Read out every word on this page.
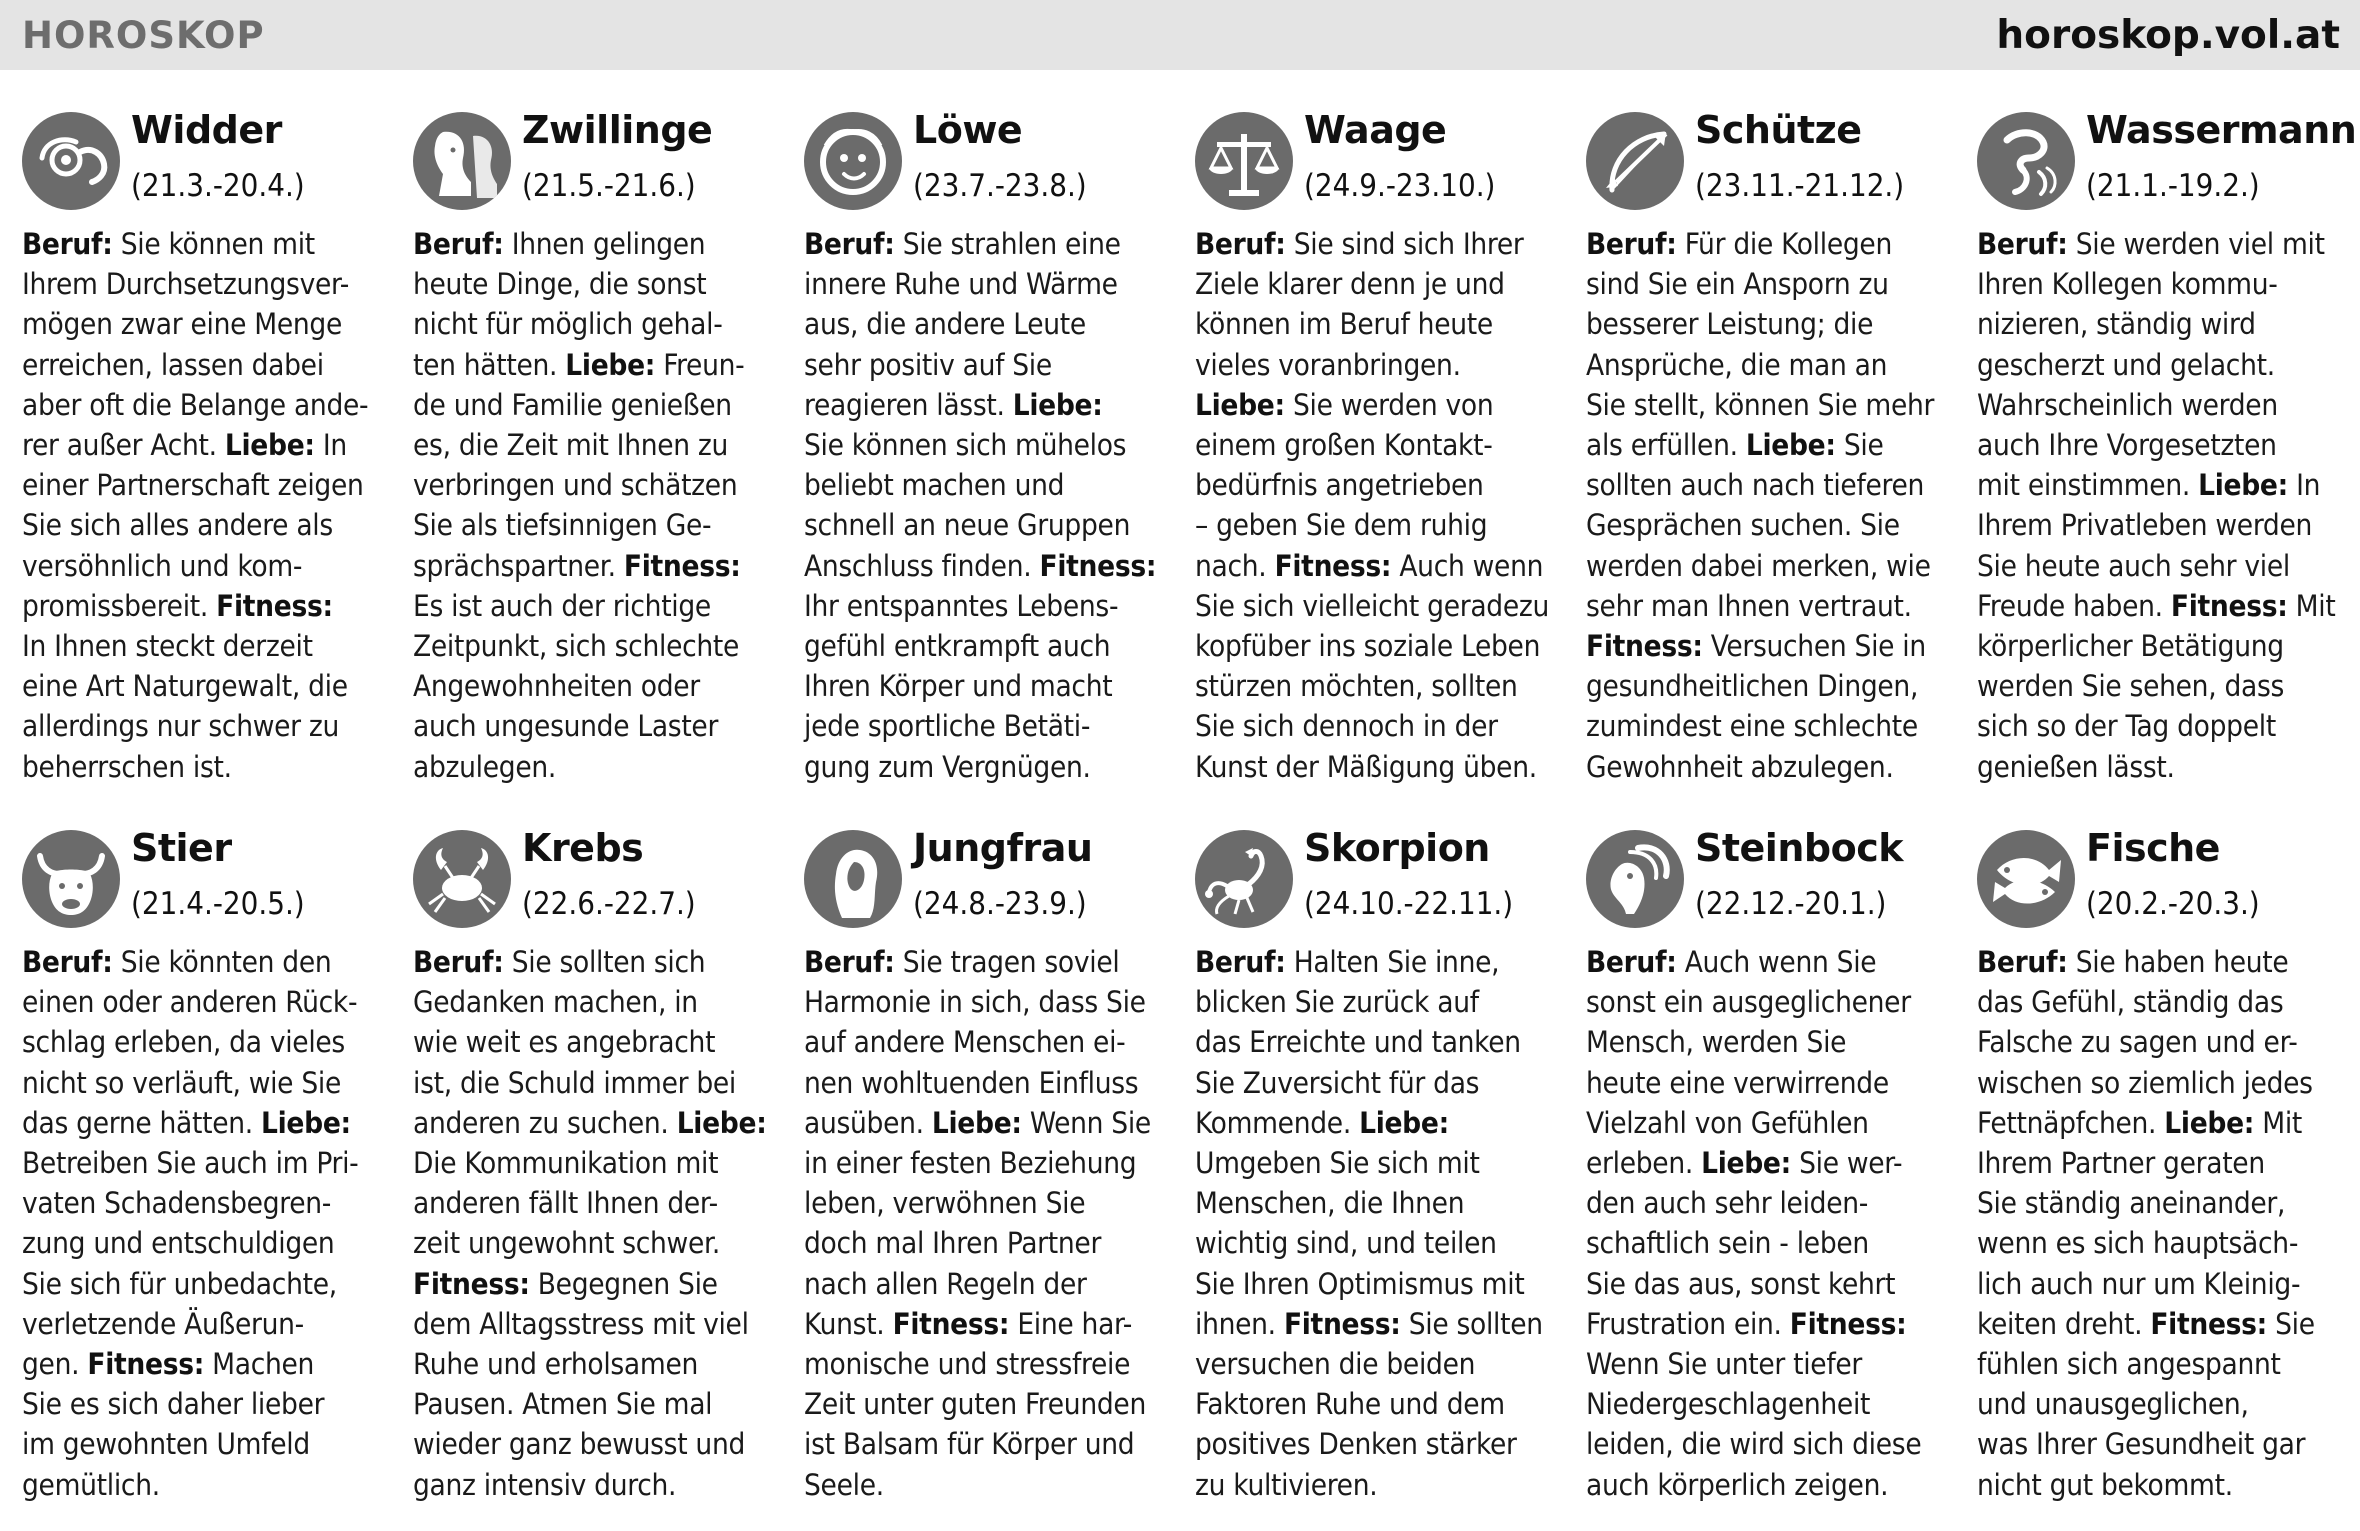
HOROSKOP	horoskop.vol.at
Widder
(21.3.-20.4.)
Beruf: Sie können mit
Ihrem Durchsetzungsver-
mögen zwar eine Menge
erreichen, lassen dabei
aber oft die Belange ande-
rer außer Acht. Liebe: In
einer Partnerschaft zeigen
Sie sich alles andere als
versöhnlich und kom-
promissbereit. Fitness:
In Ihnen steckt derzeit
eine Art Naturgewalt, die
allerdings nur schwer zu
beherrschen ist.
Zwillinge
(21.5.-21.6.)
Beruf: Ihnen gelingen
heute Dinge, die sonst
nicht für möglich gehal-
ten hätten. Liebe: Freun-
de und Familie genießen
es, die Zeit mit Ihnen zu
verbringen und schätzen
Sie als tiefsinnigen Ge-
sprächspartner. Fitness:
Es ist auch der richtige
Zeitpunkt, sich schlechte
Angewohnheiten oder
auch ungesunde Laster
abzulegen.
Löwe
(23.7.-23.8.)
Beruf: Sie strahlen eine
innere Ruhe und Wärme
aus, die andere Leute
sehr positiv auf Sie
reagieren lässt. Liebe:
Sie können sich mühelos
beliebt machen und
schnell an neue Gruppen
Anschluss finden. Fitness:
Ihr entspanntes Lebens-
gefühl entkrampft auch
Ihren Körper und macht
jede sportliche Betäti-
gung zum Vergnügen.
Waage
(24.9.-23.10.)
Beruf: Sie sind sich Ihrer
Ziele klarer denn je und
können im Beruf heute
vieles voranbringen.
Liebe: Sie werden von
einem großen Kontakt-
bedürfnis angetrieben
– geben Sie dem ruhig
nach. Fitness: Auch wenn
Sie sich vielleicht geradezu
kopfüber ins soziale Leben
stürzen möchten, sollten
Sie sich dennoch in der
Kunst der Mäßigung üben.
Schütze
(23.11.-21.12.)
Beruf: Für die Kollegen
sind Sie ein Ansporn zu
besserer Leistung; die
Ansprüche, die man an
Sie stellt, können Sie mehr
als erfüllen. Liebe: Sie
sollten auch nach tieferen
Gesprächen suchen. Sie
werden dabei merken, wie
sehr man Ihnen vertraut.
Fitness: Versuchen Sie in
gesundheitlichen Dingen,
zumindest eine schlechte
Gewohnheit abzulegen.
Wassermann
(21.1.-19.2.)
Beruf: Sie werden viel mit
Ihren Kollegen kommu-
nizieren, ständig wird
gescherzt und gelacht.
Wahrscheinlich werden
auch Ihre Vorgesetzten
mit einstimmen. Liebe: In
Ihrem Privatleben werden
Sie heute auch sehr viel
Freude haben. Fitness: Mit
körperlicher Betätigung
werden Sie sehen, dass
sich so der Tag doppelt
genießen lässt.
Stier
(21.4.-20.5.)
Beruf: Sie könnten den
einen oder anderen Rück-
schlag erleben, da vieles
nicht so verläuft, wie Sie
das gerne hätten. Liebe:
Betreiben Sie auch im Pri-
vaten Schadensbegren-
zung und entschuldigen
Sie sich für unbedachte,
verletzende Äußerun-
gen. Fitness: Machen
Sie es sich daher lieber
im gewohnten Umfeld
gemütlich.
Krebs
(22.6.-22.7.)
Beruf: Sie sollten sich
Gedanken machen, in
wie weit es angebracht
ist, die Schuld immer bei
anderen zu suchen. Liebe:
Die Kommunikation mit
anderen fällt Ihnen der-
zeit ungewohnt schwer.
Fitness: Begegnen Sie
dem Alltagsstress mit viel
Ruhe und erholsamen
Pausen. Atmen Sie mal
wieder ganz bewusst und
ganz intensiv durch.
Jungfrau
(24.8.-23.9.)
Beruf: Sie tragen soviel
Harmonie in sich, dass Sie
auf andere Menschen ei-
nen wohltuenden Einfluss
ausüben. Liebe: Wenn Sie
in einer festen Beziehung
leben, verwöhnen Sie
doch mal Ihren Partner
nach allen Regeln der
Kunst. Fitness: Eine har-
monische und stressfreie
Zeit unter guten Freunden
ist Balsam für Körper und
Seele.
Skorpion
(24.10.-22.11.)
Beruf: Halten Sie inne,
blicken Sie zurück auf
das Erreichte und tanken
Sie Zuversicht für das
Kommende. Liebe:
Umgeben Sie sich mit
Menschen, die Ihnen
wichtig sind, und teilen
Sie Ihren Optimismus mit
ihnen. Fitness: Sie sollten
versuchen die beiden
Faktoren Ruhe und dem
positives Denken stärker
zu kultivieren.
Steinbock
(22.12.-20.1.)
Beruf: Auch wenn Sie
sonst ein ausgeglichener
Mensch, werden Sie
heute eine verwirrende
Vielzahl von Gefühlen
erleben. Liebe: Sie wer-
den auch sehr leiden-
schaftlich sein - leben
Sie das aus, sonst kehrt
Frustration ein. Fitness:
Wenn Sie unter tiefer
Niedergeschlagenheit
leiden, die wird sich diese
auch körperlich zeigen.
Fische
(20.2.-20.3.)
Beruf: Sie haben heute
das Gefühl, ständig das
Falsche zu sagen und er-
wischen so ziemlich jedes
Fettnäpfchen. Liebe: Mit
Ihrem Partner geraten
Sie ständig aneinander,
wenn es sich hauptsäch-
lich auch nur um Kleinig-
keiten dreht. Fitness: Sie
fühlen sich angespannt
und unausgeglichen,
was Ihrer Gesundheit gar
nicht gut bekommt.
